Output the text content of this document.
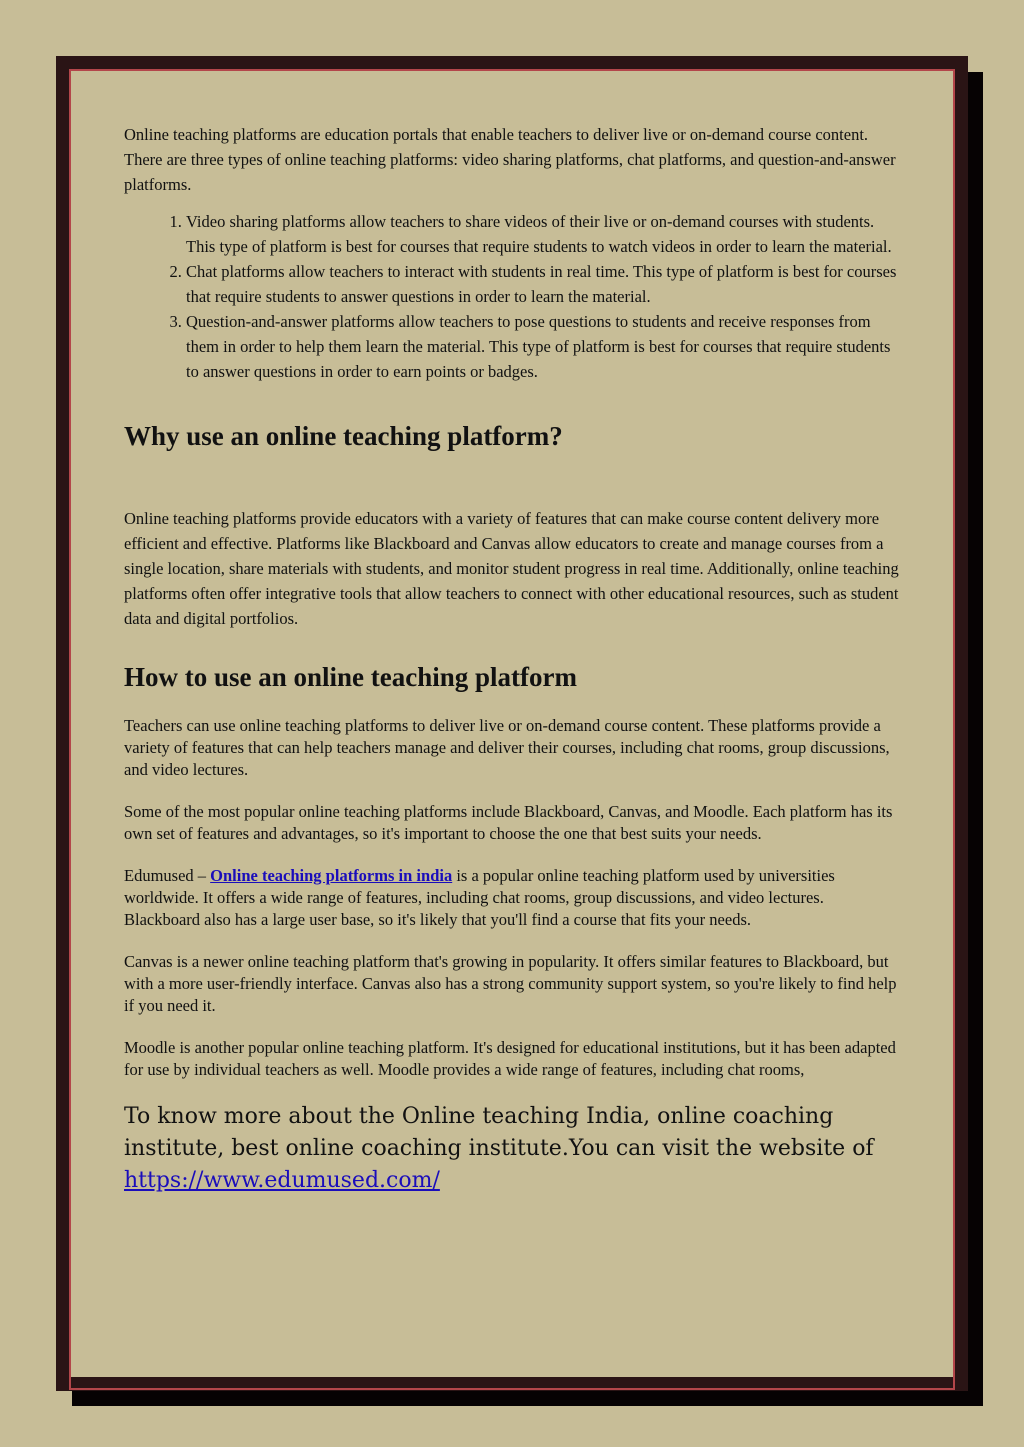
Online teaching platforms are education portals that enable teachers to deliver live or on-demand course content. There are three types of online teaching platforms: video sharing platforms, chat platforms, and question-and-answer platforms.

1. Video sharing platforms allow teachers to share videos of their live or on-demand courses with students. This type of platform is best for courses that require students to watch videos in order to learn the material.
2. Chat platforms allow teachers to interact with students in real time. This type of platform is best for courses that require students to answer questions in order to learn the material.
3. Question-and-answer platforms allow teachers to pose questions to students and receive responses from them in order to help them learn the material. This type of platform is best for courses that require students to answer questions in order to earn points or badges.
Why use an online teaching platform?

Online teaching platforms provide educators with a variety of features that can make course content delivery more efficient and effective. Platforms like Blackboard and Canvas allow educators to create and manage courses from a single location, share materials with students, and monitor student progress in real time. Additionally, online teaching platforms often offer integrative tools that allow teachers to connect with other educational resources, such as student data and digital portfolios.

How to use an online teaching platform

Teachers can use online teaching platforms to deliver live or on-demand course content. These platforms provide a variety of features that can help teachers manage and deliver their courses, including chat rooms, group discussions, and video lectures.

Some of the most popular online teaching platforms include Blackboard, Canvas, and Moodle. Each platform has its own set of features and advantages, so it's important to choose the one that best suits your needs.

Edumused – Online teaching platforms in india is a popular online teaching platform used by universities worldwide. It offers a wide range of features, including chat rooms, group discussions, and video lectures. Blackboard also has a large user base, so it's likely that you'll find a course that fits your needs.

Canvas is a newer online teaching platform that's growing in popularity. It offers similar features to Blackboard, but with a more user-friendly interface. Canvas also has a strong community support system, so you're likely to find help if you need it.

Moodle is another popular online teaching platform. It's designed for educational institutions, but it has been adapted for use by individual teachers as well. Moodle provides a wide range of features, including chat rooms,

To know more about the Online teaching India, online coaching institute, best online coaching institute.You can visit the website of
https://www.edumused.com/
